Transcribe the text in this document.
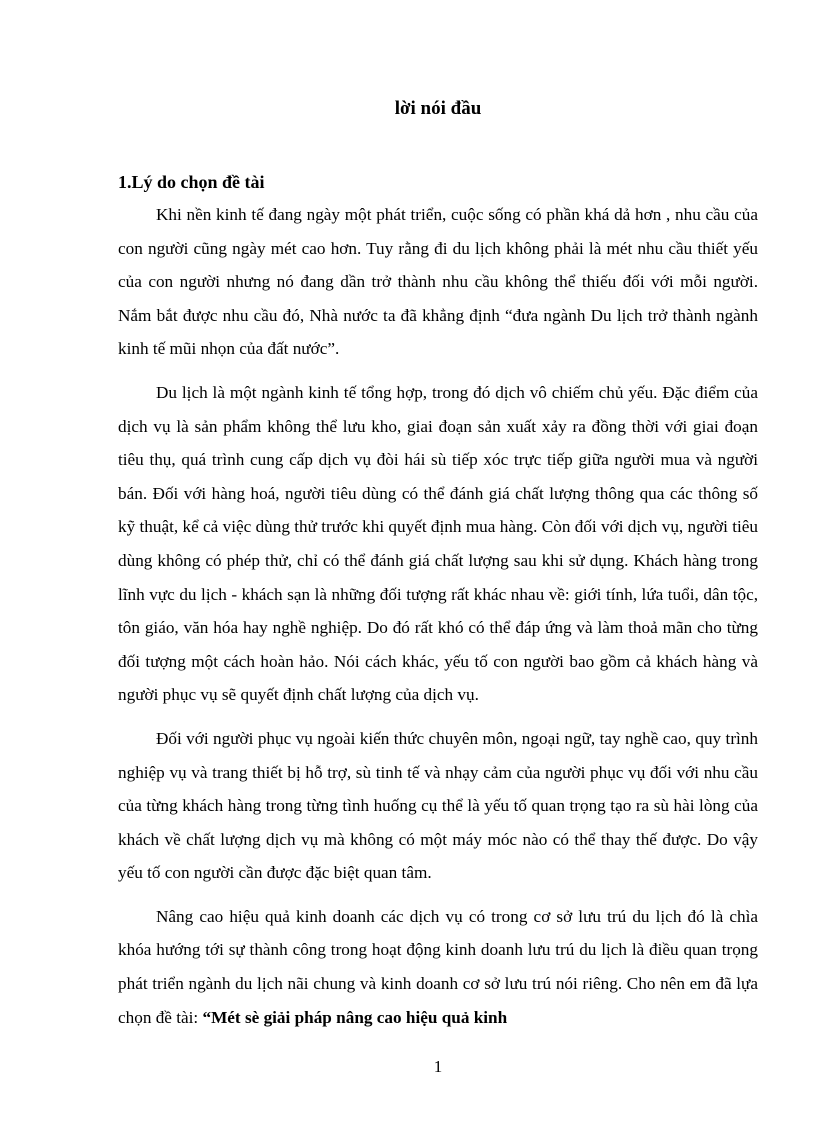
lời nói đầu
1.Lý do chọn đề tài

Khi nền kinh tế đang ngày một phát triển, cuộc sống có phần khá dả hơn , nhu cầu của con người cũng ngày mét cao hơn. Tuy rằng đi du lịch không phải là mét nhu cầu thiết yếu của con người nhưng nó đang dần trở thành nhu cầu không thể thiếu đối với mỗi người. Nắm bắt được nhu cầu đó, Nhà nước ta đã khẳng định “đưa ngành Du lịch trở thành ngành kinh tế mũi nhọn của đất nước”.

Du lịch là một ngành kinh tế tổng hợp, trong đó dịch vô chiếm chủ yếu. Đặc điểm của dịch vụ là sản phẩm không thể lưu kho, giai đoạn sản xuất xảy ra đồng thời với giai đoạn tiêu thụ, quá trình cung cấp dịch vụ đòi hái sù tiếp xóc trực tiếp giữa người mua và người bán. Đối với hàng hoá, người tiêu dùng có thể đánh giá chất lượng thông qua các thông số kỹ thuật, kể cả việc dùng thử trước khi quyết định mua hàng. Còn đối với dịch vụ, người tiêu dùng không có phép thử, chỉ có thể đánh giá chất lượng sau khi sử dụng. Khách hàng trong lĩnh vực du lịch - khách sạn là những đối tượng rất khác nhau về: giới tính, lứa tuổi, dân tộc, tôn giáo, văn hóa hay nghề nghiệp. Do đó rất khó có thể đáp ứng và làm thoả mãn cho từng đối tượng một cách hoàn hảo. Nói cách khác, yếu tố con người bao gồm cả khách hàng và người phục vụ sẽ quyết định chất lượng của dịch vụ.

Đối với người phục vụ ngoài kiến thức chuyên môn, ngoại ngữ, tay nghề cao, quy trình nghiệp vụ và trang thiết bị hỗ trợ, sù tinh tế và nhạy cảm của người phục vụ đối với nhu cầu của từng khách hàng trong từng tình huống cụ thể là yếu tố quan trọng tạo ra sù hài lòng của khách về chất lượng dịch vụ mà không có một máy móc nào có thể thay thế được. Do vậy yếu tố con người cần được đặc biệt quan tâm.

Nâng cao hiệu quả kinh doanh các dịch vụ có trong cơ sở lưu trú du lịch đó là chìa khóa hướng tới sự thành công trong hoạt động kinh doanh lưu trú du lịch là điều quan trọng phát triển ngành du lịch nãi chung và kinh doanh cơ sở lưu trú nói riêng. Cho nên em đã lựa chọn đề tài: “Mét sè giải pháp nâng cao hiệu quả kinh

1
